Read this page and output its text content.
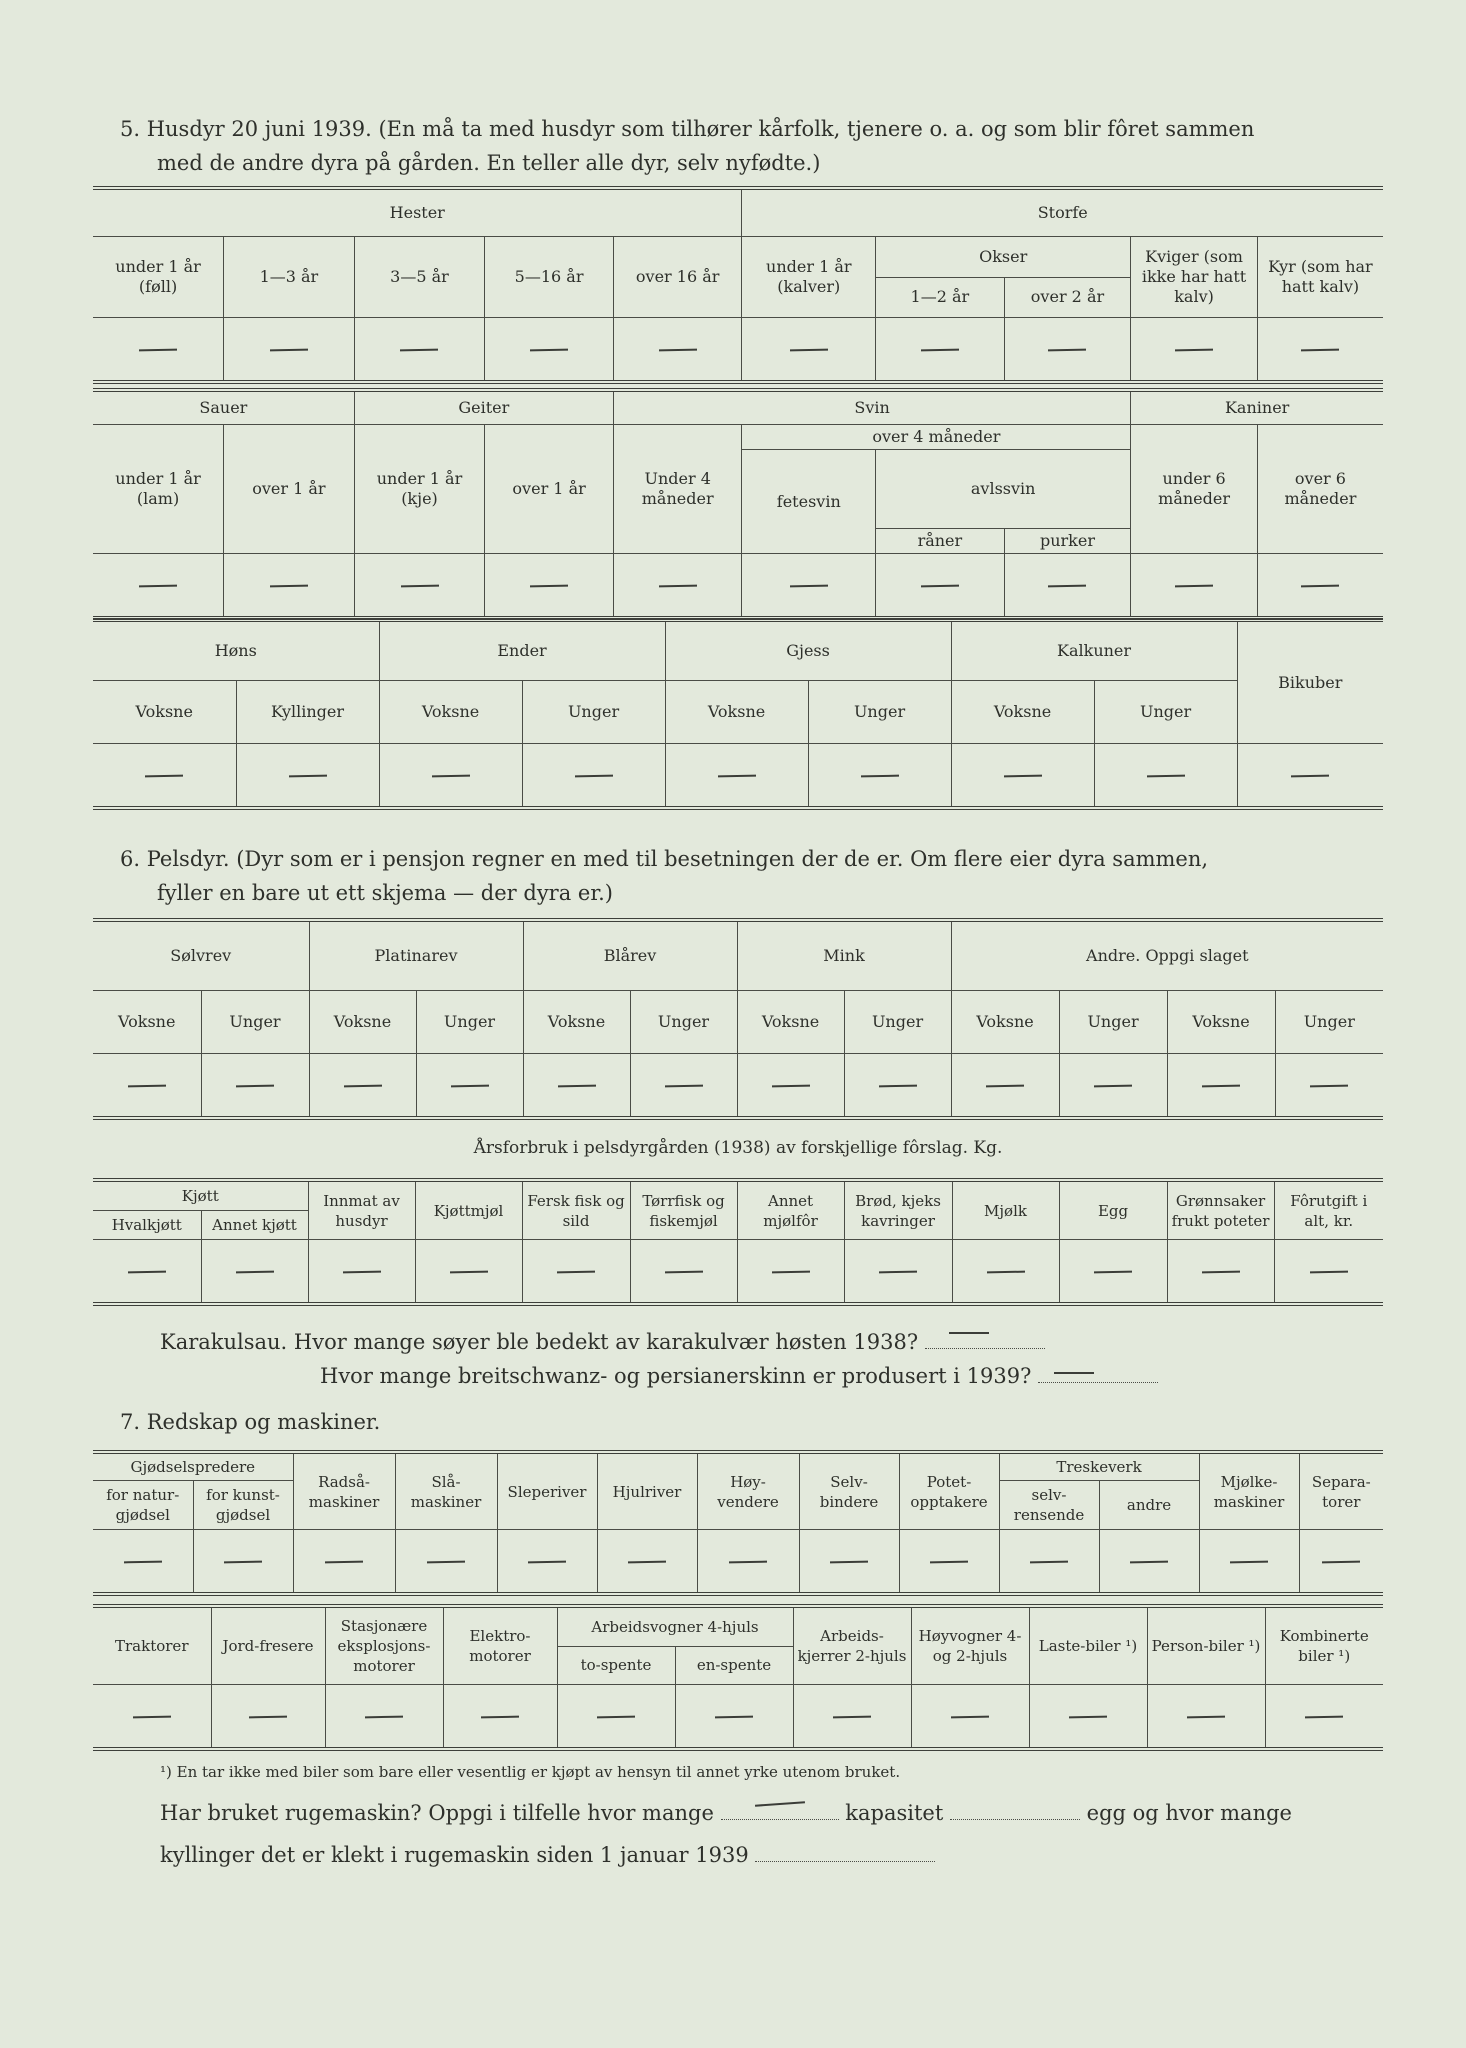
5. Husdyr 20 juni 1939. (En må ta med husdyr som tilhører kårfolk, tjenere o. a. og som blir fôret sammen
med de andre dyra på gården. En teller alle dyr, selv nyfødte.)
Hester					Storfe				
under 1 år (føll)	1—3 år	3—5 år	5—16 år	over 16 år	under 1 år (kalver)	Okser		Kviger (som ikke har hatt kalv)	Kyr (som har hatt kalv)
						1—2 år	over 2 år		

Sauer		Geiter		Svin				Kaniner	
under 1 år (lam)	over 1 år	under 1 år (kje)	over 1 år	Under 4 måneder	over 4 måneder			under 6 måneder	over 6 måneder
					fetesvin	avlssvin			
						råner	purker		

Høns		Ender		Gjess		Kalkuner		Bikuber
Voksne	Kyllinger	Voksne	Unger	Voksne	Unger	Voksne	Unger	

6. Pelsdyr. (Dyr som er i pensjon regner en med til besetningen der de er. Om flere eier dyra sammen,
fyller en bare ut ett skjema — der dyra er.)
Sølvrev		Platinarev		Blårev		Mink		Andre. Oppgi slaget			
Voksne	Unger	Voksne	Unger	Voksne	Unger	Voksne	Unger	Voksne	Unger	Voksne	Unger

Årsforbruk i pelsdyrgården (1938) av forskjellige fôrslag. Kg.
Kjøtt		Innmat av husdyr	Kjøttmjøl	Fersk fisk og sild	Tørrfisk og fiskemjøl	Annet mjølfôr	Brød, kjeks kavringer	Mjølk	Egg	Grønnsaker frukt poteter	Fôrutgift i alt, kr.
Hvalkjøtt	Annet kjøtt										

Karakulsau. Hvor mange søyer ble bedekt av karakulvær høsten 1938?
Hvor mange breitschwanz- og persianerskinn er produsert i 1939?
7. Redskap og maskiner.
Gjødselspredere		Radså-maskiner	Slå-maskiner	Sleperiver	Hjulriver	Høy-vendere	Selv-bindere	Potet-opptakere	Treskeverk		Mjølke-maskiner	Separa-torer
for natur-gjødsel	for kunst-gjødsel								selv-rensende	andre		

Traktorer	Jord-freserе	Stasjonære eksplosjons-motorer	Elektro-motorer	Arbeidsvogner 4-hjuls		Arbeids-kjerrer 2-hjuls	Høyvogner 4- og 2-hjuls	Laste-biler ¹)	Person-biler ¹)	Kombinerte biler ¹)
				to-spente	en-spente					

¹) En tar ikke med biler som bare eller vesentlig er kjøpt av hensyn til annet yrke utenom bruket.
Har bruket rugemaskin? Oppgi i tilfelle hvor mange	kapasitet	egg og hvor mange
kyllinger det er klekt i rugemaskin siden 1 januar 1939
